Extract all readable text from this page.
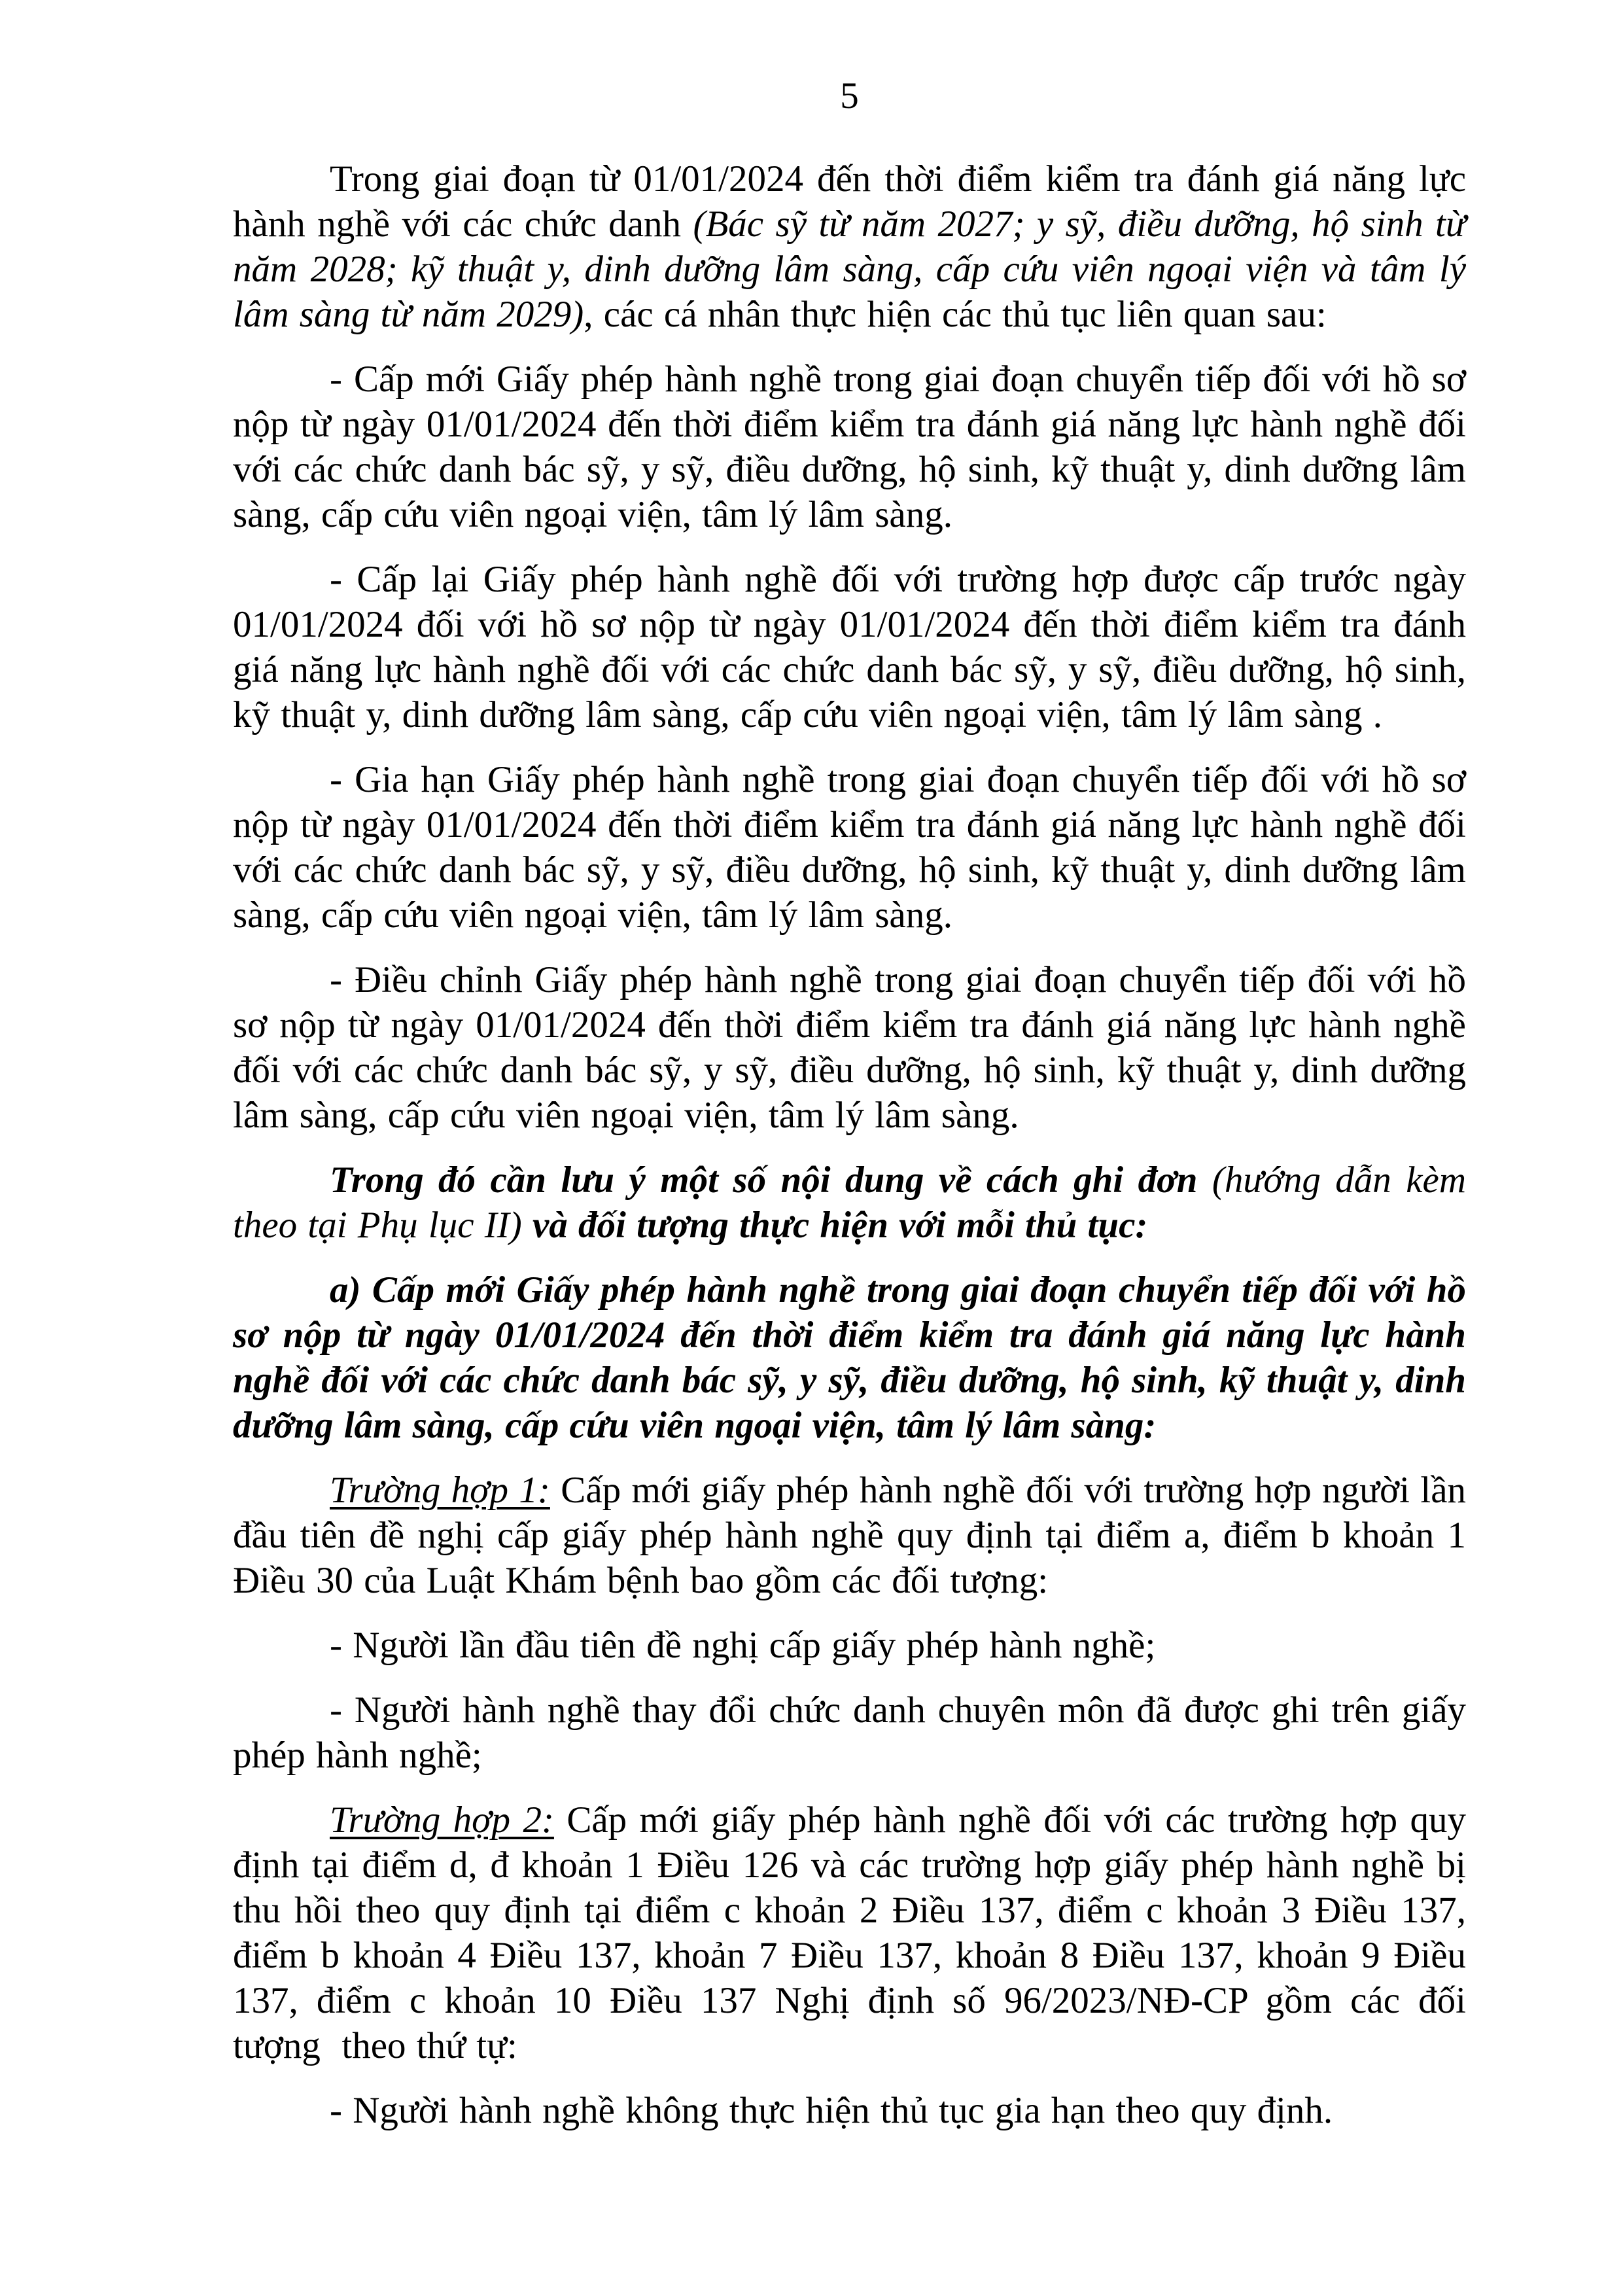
5

Trong giai đoạn từ 01/01/2024 đến thời điểm kiểm tra đánh giá năng lực hành nghề với các chức danh (Bác sỹ từ năm 2027; y sỹ, điều dưỡng, hộ sinh từ năm 2028; kỹ thuật y, dinh dưỡng lâm sàng, cấp cứu viên ngoại viện và tâm lý lâm sàng từ năm 2029), các cá nhân thực hiện các thủ tục liên quan sau:

- Cấp mới Giấy phép hành nghề trong giai đoạn chuyển tiếp đối với hồ sơ nộp từ ngày 01/01/2024 đến thời điểm kiểm tra đánh giá năng lực hành nghề đối với các chức danh bác sỹ, y sỹ, điều dưỡng, hộ sinh, kỹ thuật y, dinh dưỡng lâm sàng, cấp cứu viên ngoại viện, tâm lý lâm sàng.

- Cấp lại Giấy phép hành nghề đối với trường hợp được cấp trước ngày 01/01/2024 đối với hồ sơ nộp từ ngày 01/01/2024 đến thời điểm kiểm tra đánh giá năng lực hành nghề đối với các chức danh bác sỹ, y sỹ, điều dưỡng, hộ sinh, kỹ thuật y, dinh dưỡng lâm sàng, cấp cứu viên ngoại viện, tâm lý lâm sàng .

- Gia hạn Giấy phép hành nghề trong giai đoạn chuyển tiếp đối với hồ sơ nộp từ ngày 01/01/2024 đến thời điểm kiểm tra đánh giá năng lực hành nghề đối với các chức danh bác sỹ, y sỹ, điều dưỡng, hộ sinh, kỹ thuật y, dinh dưỡng lâm sàng, cấp cứu viên ngoại viện, tâm lý lâm sàng.

- Điều chỉnh Giấy phép hành nghề trong giai đoạn chuyển tiếp đối với hồ sơ nộp từ ngày 01/01/2024 đến thời điểm kiểm tra đánh giá năng lực hành nghề đối với các chức danh bác sỹ, y sỹ, điều dưỡng, hộ sinh, kỹ thuật y, dinh dưỡng lâm sàng, cấp cứu viên ngoại viện, tâm lý lâm sàng.

Trong đó cần lưu ý một số nội dung về cách ghi đơn (hướng dẫn kèm theo tại Phụ lục II) và đối tượng thực hiện với mỗi thủ tục:

a) Cấp mới Giấy phép hành nghề trong giai đoạn chuyển tiếp đối với hồ sơ nộp từ ngày 01/01/2024 đến thời điểm kiểm tra đánh giá năng lực hành nghề đối với các chức danh bác sỹ, y sỹ, điều dưỡng, hộ sinh, kỹ thuật y, dinh dưỡng lâm sàng, cấp cứu viên ngoại viện, tâm lý lâm sàng:

Trường hợp 1: Cấp mới giấy phép hành nghề đối với trường hợp người lần đầu tiên đề nghị cấp giấy phép hành nghề quy định tại điểm a, điểm b khoản 1 Điều 30 của Luật Khám bệnh bao gồm các đối tượng:

- Người lần đầu tiên đề nghị cấp giấy phép hành nghề;

- Người hành nghề thay đổi chức danh chuyên môn đã được ghi trên giấy phép hành nghề;

Trường hợp 2: Cấp mới giấy phép hành nghề đối với các trường hợp quy định tại điểm d, đ khoản 1 Điều 126 và các trường hợp giấy phép hành nghề bị thu hồi theo quy định tại điểm c khoản 2 Điều 137, điểm c khoản 3 Điều 137, điểm b khoản 4 Điều 137, khoản 7 Điều 137, khoản 8 Điều 137, khoản 9 Điều 137, điểm c khoản 10 Điều 137 Nghị định số 96/2023/NĐ-CP gồm các đối tượng  theo thứ tự:

- Người hành nghề không thực hiện thủ tục gia hạn theo quy định.
